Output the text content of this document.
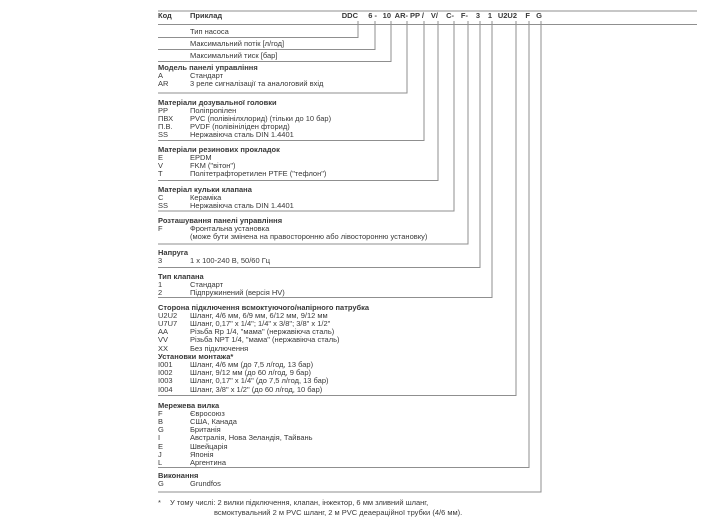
Код Приклад	DDC 6 - 10 AR- PP / V/ C- F- 3 1 U2U2 F G
Тип насоса
Максимальний потік [л/год]
Максимальний тиск [бар]
Модель панелі управління
A	Стандарт
AR	3 реле сигналізації та аналоговий вхід
Матеріали дозувальної головки
PP	Поліпропілен
ПВХ PVC (полівінілхлорид) (тільки до 10 бар)
П.В. PVDF (полівініліден фторид)
SS	Нержавіюча сталь DIN 1.4401
Матеріали резинових прокладок
E	EPDM
V	FKM ("вітон")
T	Політетрафторетилен PTFE ("тефлон")
Матеріал кульки клапана
C	Кераміка
SS	Нержавіюча сталь DIN 1.4401
Розташування панелі управління
F	Фронтальна установка
(може бути змінена на правосторонню або лівосторонню установку)
Напруга
3	1 x 100-240 В, 50/60 Гц
Тип клапана
1	Стандарт
2	Підпружинений (версія HV)
Сторона підключення всмоктуючого/напірного патрубка
U2U2 Шланг, 4/6 мм, 6/9 мм, 6/12 мм, 9/12 мм
U7U7 Шланг, 0,17" x 1/4"; 1/4" x 3/8"; 3/8" x 1/2"
AA	Різьба Rp 1/4, "мама" (нержавіюча сталь)
VV	Різьба NPT 1/4, "мама" (нержавіюча сталь)
XX	Без підключення
Установки монтажа*
I001 Шланг, 4/6 мм (до 7,5 л/год, 13 бар)
I002 Шланг, 9/12 мм (до 60 л/год, 9 бар)
I003 Шланг, 0,17" x 1/4" (до 7,5 л/год, 13 бар)
I004 Шланг, 3/8" x 1/2" (до 60 л/год, 10 бар)
Мережева вилка
F	Євросоюз
B	США, Канада
G	Британія
I	Австралія, Нова Зеландія, Тайвань
E	Швейцарія
J	Японія
L	Аргентина
Виконання
G	Grundfos
* У тому числі: 2 вилки підключення, клапан, інжектор, 6 мм зливний шланг,
всмоктувальний 2 м PVC шланг, 2 м PVC деаераційної трубки (4/6 мм).
